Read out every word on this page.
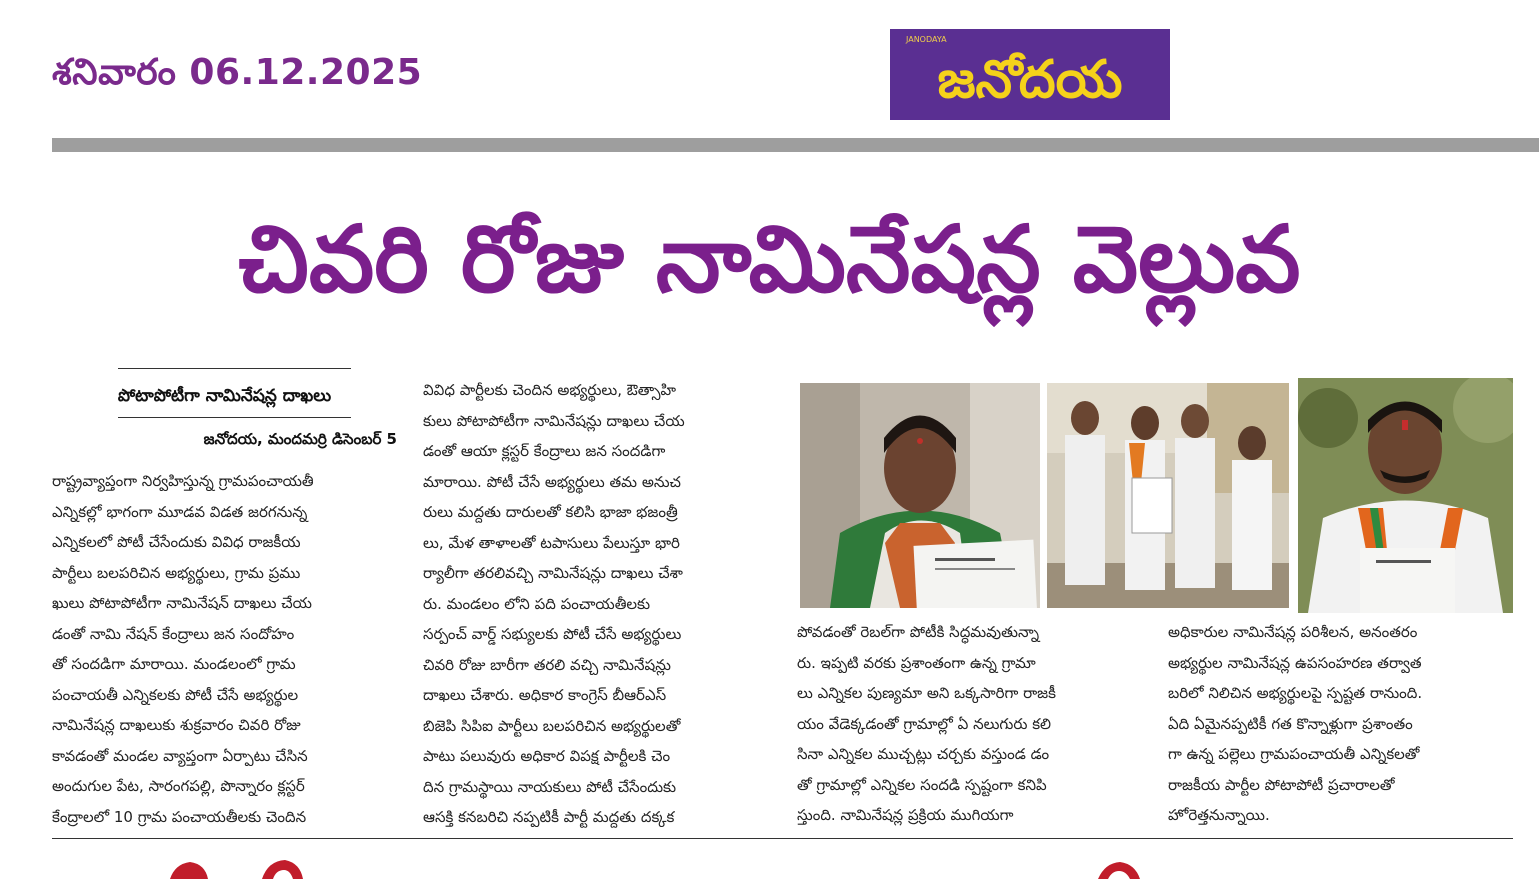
శనివారం 06.12.2025
JANODAYA
జనోదయ
చివరి రోజు నామినేషన్ల వెల్లువ
పోటాపోటీగా నామినేషన్ల దాఖలు
జనోదయ, మందమర్రి డిసెంబర్ 5
రాష్ట్రవ్యాప్తంగా నిర్వహిస్తున్న గ్రామపంచాయతీ
ఎన్నికల్లో భాగంగా మూడవ విడత జరగనున్న
ఎన్నికలలో పోటీ చేసేందుకు వివిధ రాజకీయ
పార్టీలు బలపరిచిన అభ్యర్థులు, గ్రామ ప్రము
ఖులు పోటాపోటీగా నామినేషన్ దాఖలు చేయ
డంతో నామి నేషన్ కేంద్రాలు జన సందోహం
తో సందడిగా మారాయి. మండలంలో గ్రామ
పంచాయతీ ఎన్నికలకు పోటీ చేసే అభ్యర్థుల
నామినేషన్ల దాఖలుకు శుక్రవారం చివరి రోజు
కావడంతో మండల వ్యాప్తంగా ఏర్పాటు చేసిన
అందుగుల పేట, సారంగపల్లి, పొన్నారం క్లస్టర్
కేంద్రాలలో 10 గ్రామ పంచాయతీలకు చెందిన
వివిధ పార్టీలకు చెందిన అభ్యర్థులు, ఔత్సాహి
కులు పోటాపోటీగా నామినేషన్లు దాఖలు చేయ
డంతో ఆయా క్లస్టర్ కేంద్రాలు జన సందడిగా
మారాయి. పోటీ చేసే అభ్యర్థులు తమ అనుచ
రులు మద్దతు దారులతో కలిసి భాజా భజంత్రీ
లు, మేళ తాళాలతో టపాసులు పేలుస్తూ భారి
ర్యాలీగా తరలివచ్చి నామినేషన్లు దాఖలు చేశా
రు. మండలం లోని పది పంచాయతీలకు
సర్పంచ్ వార్డ్ సభ్యులకు పోటీ చేసే అభ్యర్థులు
చివరి రోజు బారీగా తరలి వచ్చి నామినేషన్లు
దాఖలు చేశారు. అధికార కాంగ్రెస్ బీఆర్ఎస్
బిజెపి సిపిఐ పార్టీలు బలపరిచిన అభ్యర్థులతో
పాటు పలువురు అధికార విపక్ష పార్టీలకి చెం
దిన గ్రామస్థాయి నాయకులు పోటీ చేసేందుకు
ఆసక్తి కనబరిచి నప్పటికీ పార్టీ మద్దతు దక్కక
పోవడంతో రెబల్‌గా పోటీకి సిద్ధమవుతున్నా
రు. ఇప్పటి వరకు ప్రశాంతంగా ఉన్న గ్రామా
లు ఎన్నికల పుణ్యమా అని ఒక్కసారిగా రాజకీ
యం వేడెక్కడంతో గ్రామాల్లో ఏ నలుగురు కలి
సినా ఎన్నికల ముచ్చట్లు చర్చకు వస్తుండ డం
తో గ్రామాల్లో ఎన్నికల సందడి స్పష్టంగా కనిపి
స్తుంది. నామినేషన్ల ప్రక్రియ ముగియగా
అధికారుల నామినేషన్ల పరిశీలన, అనంతరం
అభ్యర్థుల నామినేషన్ల ఉపసంహరణ తర్వాత
బరిలో నిలిచిన అభ్యర్థులపై స్పష్టత రానుంది.
ఏది ఏమైనప్పటికీ గత కొన్నాళ్లుగా ప్రశాంతం
గా ఉన్న పల్లెలు గ్రామపంచాయతీ ఎన్నికలతో
రాజకీయ పార్టీల పోటాపోటీ ప్రచారాలతో
హోరెత్తనున్నాయి.
